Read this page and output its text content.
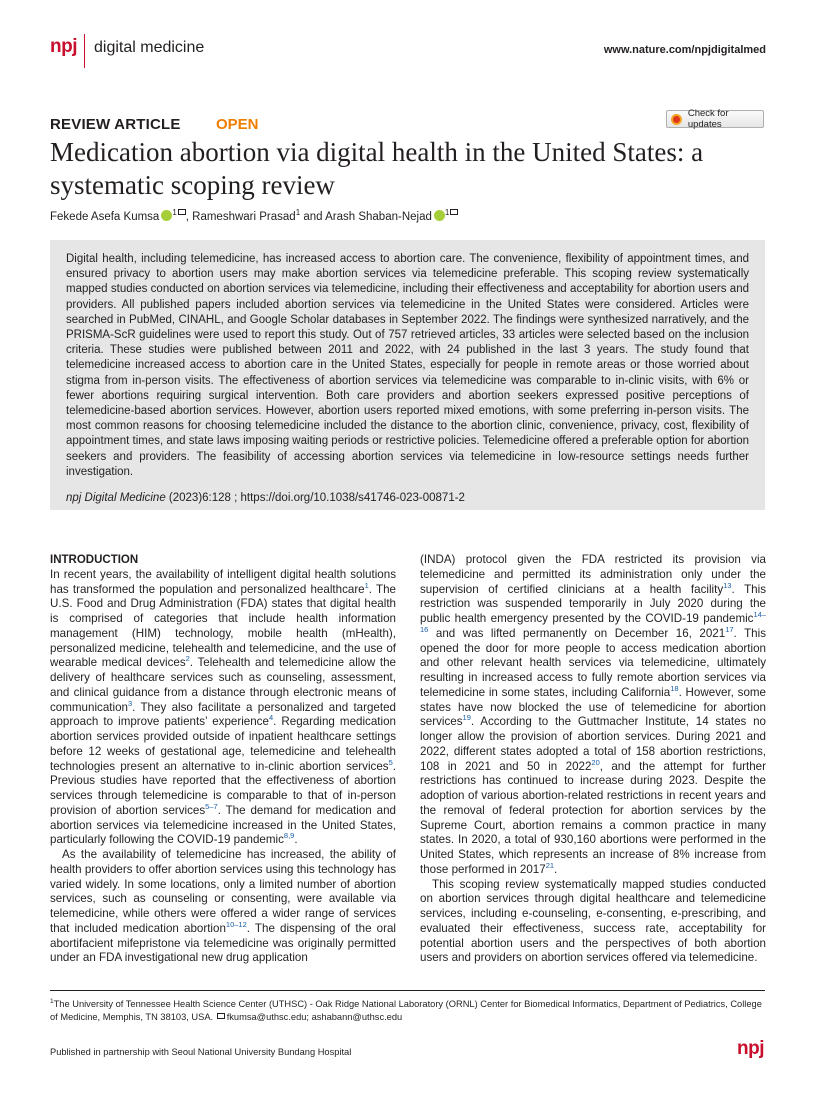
npj digital medicine	www.nature.com/npjdigitalmed
REVIEW ARTICLE OPEN
Check for updates
Medication abortion via digital health in the United States: a systematic scoping review
Fekede Asefa Kumsa $^1$ , Rameshwari Prasad$^1$ and Arash Shaban-Nejad $^1$

Digital health, including telemedicine, has increased access to abortion care. The convenience, flexibility of appointment times, and ensured privacy to abortion users may make abortion services via telemedicine preferable. This scoping review systematically mapped studies conducted on abortion services via telemedicine, including their effectiveness and acceptability for abortion users and providers. All published papers included abortion services via telemedicine in the United States were considered. Articles were searched in PubMed, CINAHL, and Google Scholar databases in September 2022. The findings were synthesized narratively, and the PRISMA-ScR guidelines were used to report this study. Out of 757 retrieved articles, 33 articles were selected based on the inclusion criteria. These studies were published between 2011 and 2022, with 24 published in the last 3 years. The study found that telemedicine increased access to abortion care in the United States, especially for people in remote areas or those worried about stigma from in-person visits. The effectiveness of abortion services via telemedicine was comparable to in-clinic visits, with 6% or fewer abortions requiring surgical intervention. Both care providers and abortion seekers expressed positive perceptions of telemedicine-based abortion services. However, abortion users reported mixed emotions, with some preferring in-person visits. The most common reasons for choosing telemedicine included the distance to the abortion clinic, convenience, privacy, cost, flexibility of appointment times, and state laws imposing waiting periods or restrictive policies. Telemedicine offered a preferable option for abortion seekers and providers. The feasibility of accessing abortion services via telemedicine in low-resource settings needs further investigation.

npj Digital Medicine (2023)6:128 ; https://doi.org/10.1038/s41746-023-00871-2

INTRODUCTION

In recent years, the availability of intelligent digital health solutions has transformed the population and personalized healthcare$^1$. The U.S. Food and Drug Administration (FDA) states that digital health is comprised of categories that include health information management (HIM) technology, mobile health (mHealth), personalized medicine, telehealth and telemedicine, and the use of wearable medical devices$^2$. Telehealth and telemedicine allow the delivery of healthcare services such as counseling, assessment, and clinical guidance from a distance through electronic means of communication$^3$. They also facilitate a personalized and targeted approach to improve patients’ experience$^4$. Regarding medication abortion services provided outside of inpatient healthcare settings before 12 weeks of gestational age, telemedicine and telehealth technologies present an alternative to in-clinic abortion services$^5$. Previous studies have reported that the effectiveness of abortion services through telemedicine is comparable to that of in-person provision of abortion services$^{5-7}$. The demand for medication and abortion services via telemedicine increased in the United States, particularly following the COVID-19 pandemic$^{8,9}$.

As the availability of telemedicine has increased, the ability of health providers to offer abortion services using this technology has varied widely. In some locations, only a limited number of abortion services, such as counseling or consenting, were available via telemedicine, while others were offered a wider range of services that included medication abortion$^{10-12}$. The dispensing of the oral abortifacient mifepristone via telemedicine was originally permitted under an FDA investigational new drug application

(INDA) protocol given the FDA restricted its provision via telemedicine and permitted its administration only under the supervision of certified clinicians at a health facility$^{13}$. This restriction was suspended temporarily in July 2020 during the public health emergency presented by the COVID-19 pandemic$^{14-16}$ and was lifted permanently on December 16, 2021$^{17}$. This opened the door for more people to access medication abortion and other relevant health services via telemedicine, ultimately resulting in increased access to fully remote abortion services via telemedicine in some states, including California$^{18}$. However, some states have now blocked the use of telemedicine for abortion services$^{19}$. According to the Guttmacher Institute, 14 states no longer allow the provision of abortion services. During 2021 and 2022, different states adopted a total of 158 abortion restrictions, 108 in 2021 and 50 in 2022$^{20}$, and the attempt for further restrictions has continued to increase during 2023. Despite the adoption of various abortion-related restrictions in recent years and the removal of federal protection for abortion services by the Supreme Court, abortion remains a common practice in many states. In 2020, a total of 930,160 abortions were performed in the United States, which represents an increase of 8% increase from those performed in 2017$^{21}$.

This scoping review systematically mapped studies conducted on abortion services through digital healthcare and telemedicine services, including e-counseling, e-consenting, e-prescribing, and evaluated their effectiveness, success rate, acceptability for potential abortion users and the perspectives of both abortion users and providers on abortion services offered via telemedicine.

$^1$The University of Tennessee Health Science Center (UTHSC) - Oak Ridge National Laboratory (ORNL) Center for Biomedical Informatics, Department of Pediatrics, College of Medicine, Memphis, TN 38103, USA. fkumsa@uthsc.edu; ashabann@uthsc.edu
Published in partnership with Seoul National University Bundang Hospital	npj
